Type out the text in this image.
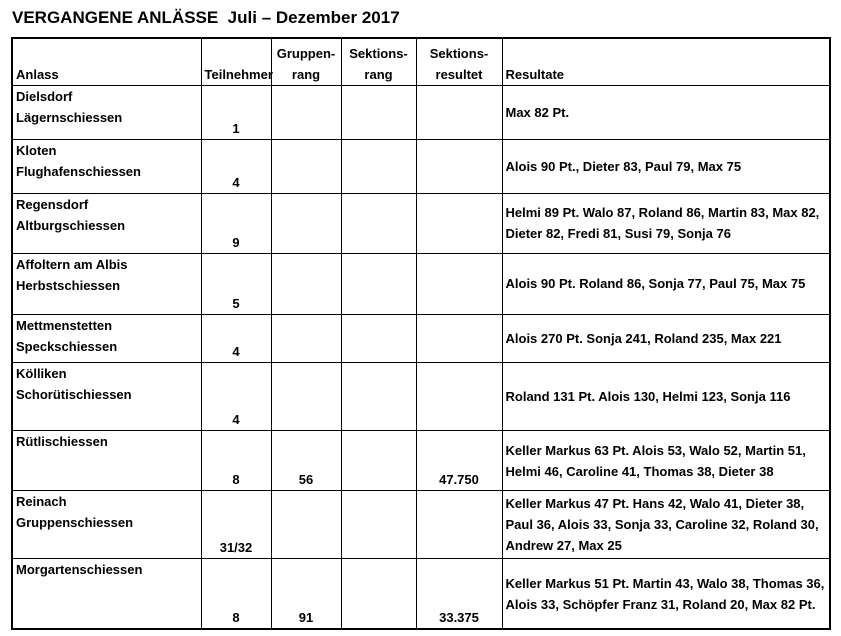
VERGANGENE ANLÄSSE  Juli – Dezember 2017
Anlass	Teilnehmer	Gruppen-rang	Sektions-rang	Sektions-resultet	Resultate

Dielsdorf
Lägernschiessen	1				Max 82 Pt.

Kloten
Flughafenschiessen	4				Alois 90 Pt., Dieter 83, Paul 79, Max 75

Regensdorf
Altburgschiessen	9				Helmi 89 Pt. Walo 87, Roland 86, Martin 83, Max 82, Dieter 82, Fredi 81, Susi 79, Sonja 76

Affoltern am Albis
Herbstschiessen	5				Alois 90 Pt. Roland 86, Sonja 77, Paul 75, Max 75

Mettmenstetten
Speckschiessen	4				Alois 270 Pt. Sonja 241, Roland 235, Max 221

Kölliken
Schorütischiessen	4				Roland 131 Pt. Alois 130, Helmi 123, Sonja 116

Rütlischiessen	8	56		47.750	Keller Markus 63 Pt. Alois 53, Walo 52, Martin 51, Helmi 46, Caroline 41, Thomas 38, Dieter 38

Reinach
Gruppenschiessen	31/32				Keller Markus 47 Pt. Hans 42, Walo 41, Dieter 38, Paul 36, Alois 33, Sonja 33, Caroline 32, Roland 30, Andrew 27, Max 25

Morgartenschiessen	8	91		33.375	Keller Markus 51 Pt. Martin 43, Walo 38, Thomas 36, Alois 33, Schöpfer Franz 31, Roland 20, Max 82 Pt.
